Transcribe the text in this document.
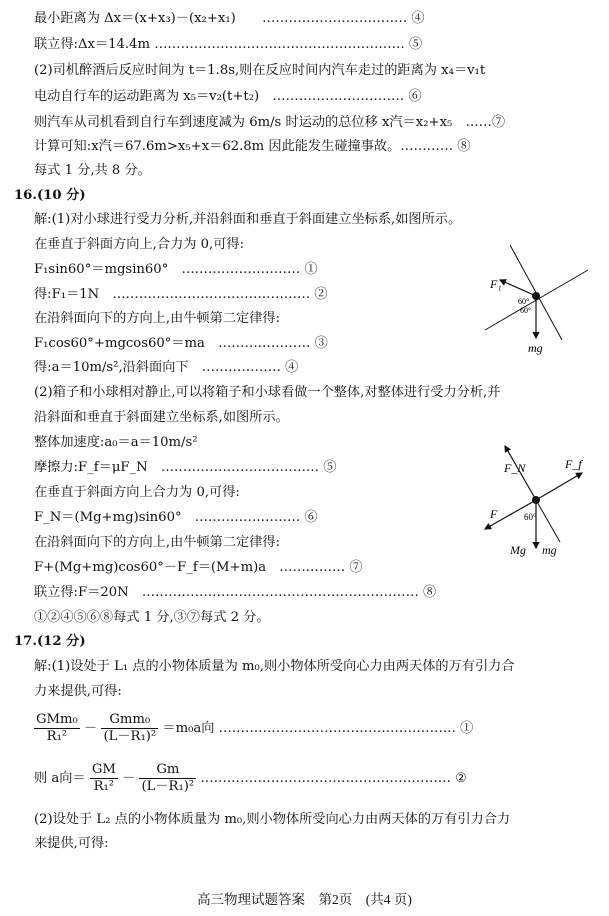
最小距离为 Δx＝(x+x₃)－(x₂+x₁)　　…………………………… ④
联立得:Δx＝14.4m ………………………………………………… ⑤
(2)司机醉酒后反应时间为 t＝1.8s,则在反应时间内汽车走过的距离为 x₄＝v₁t
电动自行车的运动距离为 x₅＝v₂(t+t₂)　………………………… ⑥
则汽车从司机看到自行车到速度减为 6m/s 时运动的总位移 x汽＝x₂+x₅　……⑦
计算可知:x汽＝67.6m>x₅+x＝62.8m 因此能发生碰撞事故。………… ⑧
每式 1 分,共 8 分。
16.(10 分)
解:(1)对小球进行受力分析,并沿斜面和垂直于斜面建立坐标系,如图所示。
在垂直于斜面方向上,合力为 0,可得:
F₁sin60°＝mgsin60°　……………………… ①
得:F₁＝1N　……………………………………… ②
在沿斜面向下的方向上,由牛顿第二定律得:
F₁cos60°+mgcos60°＝ma　………………… ③
得:a＝10m/s²,沿斜面向下　……………… ④
(2)箱子和小球相对静止,可以将箱子和小球看做一个整体,对整体进行受力分析,并
沿斜面和垂直于斜面建立坐标系,如图所示。
整体加速度:a₀＝a＝10m/s²
摩擦力:F_f＝μF_N　……………………………… ⑤
在垂直于斜面方向上合力为 0,可得:
F_N＝(Mg+mg)sin60°　…………………… ⑥
在沿斜面向下的方向上,由牛顿第二定律得:
F+(Mg+mg)cos60°－F_f＝(M+m)a　…………… ⑦
联立得:F＝20N　……………………………………………………… ⑧
①②④⑤⑥⑧每式 1 分,③⑦每式 2 分。
17.(12 分)
解:(1)设处于 L₁ 点的小物体质量为 m₀,则小物体所受向心力由两天体的万有引力合
力来提供,可得:
$\frac{\text{GMm₀}}{\text{R₁²}} - \frac{\text{Gmm₀}}{\text{(L－R₁)²}} =m_0a$向 ……………………………………………… ①
则 a向＝ $\frac{GM}{\text{R₁²}} - \frac{Gm}{\text{(L－R₁)²}}$ ………………………………………………… ②
(2)设处于 L₂ 点的小物体质量为 m₀,则小物体所受向心力由两天体的万有引力合力
来提供,可得:
F₁
60°
60°
mg
F_N	F_f
F	60°
Mg mg
高三物理试题答案　第2页　(共4 页)
